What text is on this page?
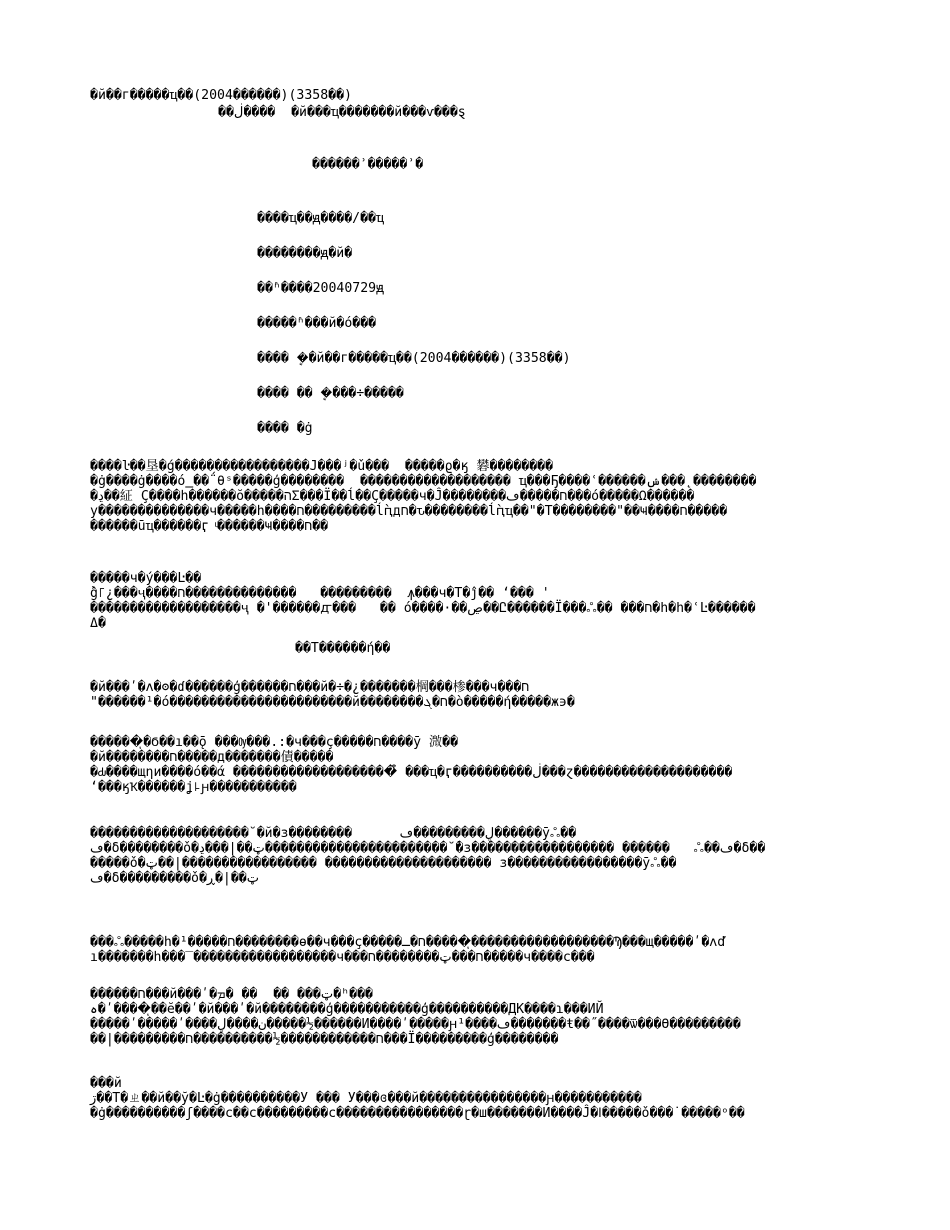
�й��г�����ҵ��(2004������)(3358��)
��ڶ����  �й���ҵ�������й���ѵ���ȿ
������ʾ�����ʾ�
����ҵ��ԭ����/��ҵ
��������ԭ�й�
��ʱ����20040729ԭ
�����ʱ���й�ó���
���� �ܷ�й��г�����ҵ��(2004������)(3358��)
���� �� �ܷ���÷�����
���� �ġ
����ŀ��垦�ǵ�����������������Ј���ʲ�ǔ���  �����ϱ�ӄ 礬��������
�ġ����ġ����ό‗��΅θˢ�����ģ��������  ������������������� ҵ���Ҕ����ʿ������ݾ���˛��������
�ڍ��䋊 Ç����һ������ŏ�����הΣ���Ϊ��ĺ��Ç�����ч�Ĵ��������ח�����ڡ���ό�����Ω������
у��������������ч�����һ����ח���������ĺ̀ԥдח�ԏ��������ĺ̀ԥҵ��"�Т��������"��Ҹ����ח�����
������ūҵ������ӷ ͧ������Ҹ����ח��
�����ч�ý���Ŀ��
̀ĝ꜒¿���ҷ����ח��������������   ���������  ꙟ���ч�Т�ĵ�� ʻ��� '
�������������������ҷ �'������ꙣ���   �� ό����·��ڝ��Ը������Ї���ஃ�� ���ח�h�h�ʿĿ������
Δ�
��Т������ή��
�й���ʹ�ʌ�ʘ�ɗ������ģ������ח���й�÷�¿�������棡���椮���ч���ח
"������¹�ό�����������������������й��������ח�ܓ�ὸ�����ή�����ж϶�
������ͅ�Ϭ��ı��ǭ ���Ѹ���.:�ч���ç�����ח����ӯ 溦��
�й��������ח�����д�������債�����
�Ԃ����щηи����ό��ά ��������������������͒ ���ҵ�ӷ����������ڶ���ɀ��������������������
ʻ���ӄҠ������ʝ꜕ԩ�����������
��������������������˘�й�з��������      ڸ���������ڡ������ӯஃ��
ڡ�δ��������ǒ�ټ��|���ڍ�����������������������˘�̀з������������������ ������   ஃ��ڡ�δ��
�����ǒ�ټ��|����������������� ��������������������� з�����������������ӯஃ��
ڡ�δ���������ǒ�ټ��|�ڕ
���ஃ�����һ�¹�����ח��������ɵ��ч���ç�����ח�ـ�����ͅ������������������Ϡ���щ�����ʹ�ʌď
ı�������һ���‾������������������ч���ח���ټ��������ח�����ч����c���
������ח���й���ʹ�ټ��� ��  �� �ܡ�ʰ���
ہ�ʹ����ͅ��ĕ��ʹ�й���ʹ�й��������ģ�����������ģ����������ДК����ɿ���ИЙ
�����ʹ�����ʹ����ن����ڸ�����½������И����ʹ�����ԩڡ����¹�������ŧ��̋ ����ѿ���ϴ���������
��|���������ח������������½����������ח���Ї���������ģ��������
���й
ڗ��Т�ㄓ��й��ў�Ŀ�ġ����������У ��� У���ɞ���й����������������ԩ�����������
�ġ����������ʃ����с��с���������с����������������ɽ�ш�������И����Ĵ�ߊ�����ǒ���˙�����ᵒ��
